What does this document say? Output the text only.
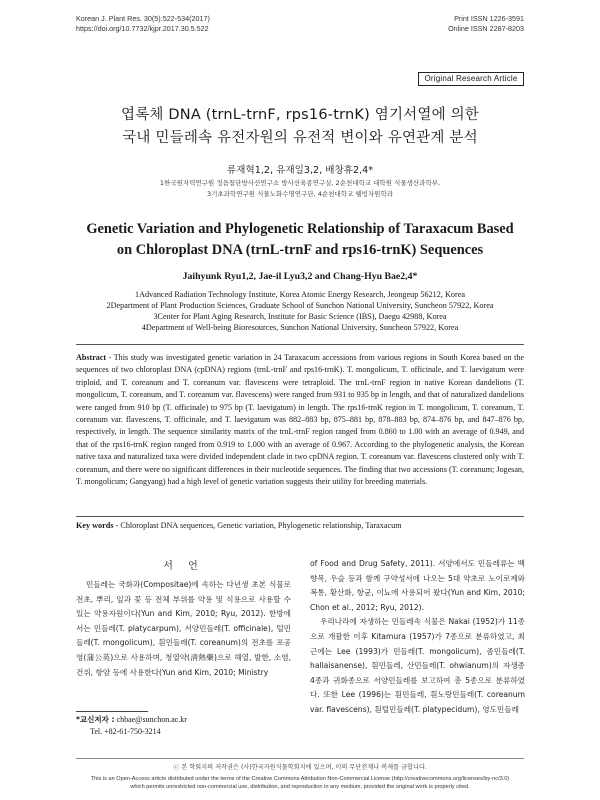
Korean J. Plant Res. 30(5):522-534(2017)
https://doi.org/10.7732/kjpr.2017.30.5.522
Print ISSN 1226-3591
Online ISSN 2287-8203
Original Research Article
엽록체 DNA (trnL-trnF, rps16-trnK) 염기서열에 의한
국내 민들레속 유전자원의 유전적 변이와 유연관계 분석
류재혁1,2, 유재일3,2, 배창휴2,4*
1한국원자력연구원 정읍첨단방사선연구소 방사선육종연구실, 2순천대학교 대학원 식물생산과학부,
3기초과학연구원 식물노화수명연구단, 4순천대학교 웰빙자원학과
Genetic Variation and Phylogenetic Relationship of Taraxacum Based
on Chloroplast DNA (trnL-trnF and rps16-trnK) Sequences
Jaihyunk Ryu1,2, Jae-il Lyu3,2 and Chang-Hyu Bae2,4*
1Advanced Radiation Technology Institute, Korea Atomic Energy Research, Jeongeup 56212, Korea
2Department of Plant Production Sciences, Graduate School of Sunchon National University, Suncheon 57922, Korea
3Center for Plant Aging Research, Institute for Basic Science (IBS), Daegu 42988, Korea
4Department of Well-being Bioresources, Sunchon National University, Suncheon 57922, Korea
Abstract - This study was investigated genetic variation in 24 Taraxacum accessions from various regions in South Korea based on the sequences of two chloroplast DNA (cpDNA) regions (trnL-trnF and rps16-trnK). T. mongolicum, T. officinale, and T. laevigatum were triploid, and T. coreanum and T. coreanum var. flavescens were tetraploid. The trnL-trnF region in native Korean dandelions (T. mongolicum, T. coreanum, and T. coreanum var. flavescens) were ranged from 931 to 935 bp in length, and that of naturalized dandelions were ranged from 910 bp (T. officinale) to 975 bp (T. laevigatum) in length. The rps16-trnK region in T. mongolicum, T. coreanum, T. coreanum var. flavescens, T. officinale, and T. laevigatum was 882–883 bp, 875–881 bp, 878–883 bp, 874–876 bp, and 847–876 bp, respectively, in length. The sequence similarity matrix of the trnL-trnF region ranged from 0.860 to 1.00 with an average of 0.949, and that of the rps16-trnK region ranged from 0.919 to 1.000 with an average of 0.967. According to the phylogenetic analysis, the Korean native taxa and naturalized taxa were divided independent clade in two cpDNA region. T. coreanum var. flavescens clustered only with T. coreanum, and there were no significant differences in their nucleotide sequences. The finding that two accessions (T. coreanum; Jogesan, T. mongolicum; Gangyang) had a high level of genetic variation suggests their utility for breeding materials.
Key words - Chloroplast DNA sequences, Genetic variation, Phylogenetic relationship, Taraxacum
서 언
민들레는 국화과(Compositae)에 속하는 다년생 초본 식물로 전초, 뿌리, 잎과 꽃 등 전체 부위를 약용 및 식용으로 사용할 수 있는 약용자원이다(Yun and Kim, 2010; Ryu, 2012). 한방에서는 민들레(T. platycarpum), 서양민들레(T. officinale), 털민들레(T. mongolicum), 흰민들레(T. coreanum)의 전초를 포공영(蒲公英)으로 사용하며, 청열약(淸熱藥)으로 해열, 발한, 소염, 건위, 항암 등에 사용한다(Yun and Kim, 2010; Ministry
of Food and Drug Safety, 2011). 서양에서도 민들레류는 백향목, 우슬 등과 함께 구약성서에 나오는 5대 약초로 노이로제와 복통, 황산화, 항균, 이뇨에 사용되어 왔다(Yun and Kim, 2010; Chon et al., 2012; Ryu, 2012).
우리나라에 자생하는 민들레속 식물은 Nakai (1952)가 11종으로 개괄한 이후 Kitamura (1957)가 7종으로 분류하였고, 최근에는 Lee (1993)가 민들레(T. mongolicum), 좀민들레(T. hallaisanense), 흰민들레, 산민들레(T. ohwianum)의 자생종 4종과 귀화종으로 서양민들레를 보고하여 총 5종으로 분류하였다. 또한 Lee (1996)는 흰민들레, 흰노랑민들레(T. coreanum var. flavescens), 흰털민들레(T. platypecidum), 영도민들레
*교신저자 : chbae@sunchon.ac.kr
Tel. +82-61-750-3214
ⓒ 본 학회지의 저작권은 (사)한국자원식물학회지에 있으며, 이의 무단전재나 복제를 금합니다.
This is an Open-Access article distributed under the terms of the Creative Commons Attribution Non-Commercial License (http://creativecommons.org/licenses/by-nc/3.0)
which permits unrestricted non-commercial use, distribution, and reproduction in any medium, provided the original work is properly cited.
